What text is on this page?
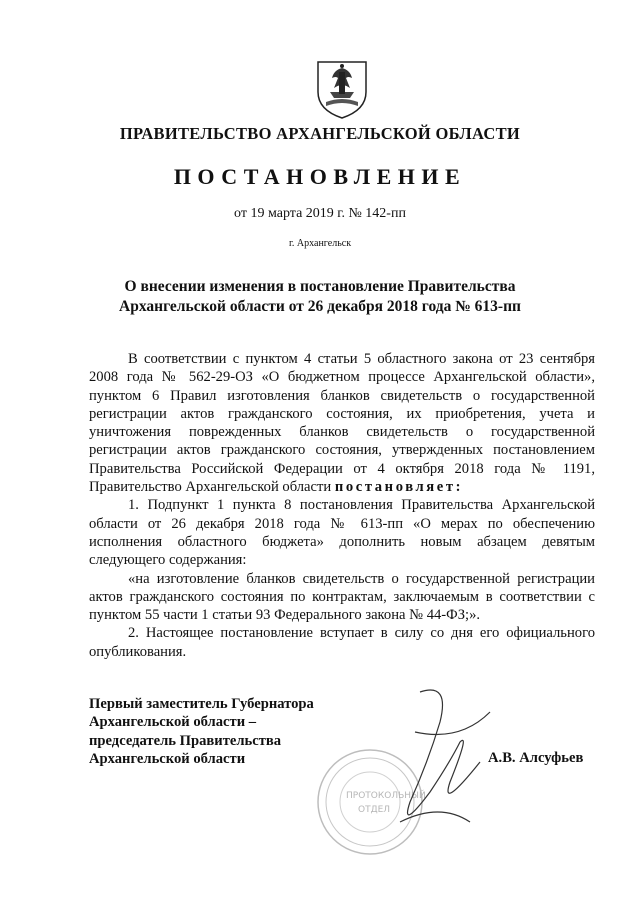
ПРАВИТЕЛЬСТВО АРХАНГЕЛЬСКОЙ ОБЛАСТИ
ПОСТАНОВЛЕНИЕ
от 19 марта 2019 г. № 142-пп
г. Архангельск
О внесении изменения в постановление Правительства
Архангельской области от 26 декабря 2018 года № 613-пп

В соответствии с пунктом 4 статьи 5 областного закона от 23 сентября 2008 года № 562-29-ОЗ «О бюджетном процессе Архангельской области», пунктом 6 Правил изготовления бланков свидетельств о государственной регистрации актов гражданского состояния, их приобретения, учета и уничтожения поврежденных бланков свидетельств о государственной регистрации актов гражданского состояния, утвержденных постановлением Правительства Российской Федерации от 4 октября 2018 года № 1191, Правительство Архангельской области постановляет:

1. Подпункт 1 пункта 8 постановления Правительства Архангельской области от 26 декабря 2018 года № 613-пп «О мерах по обеспечению исполнения областного бюджета» дополнить новым абзацем девятым следующего содержания:

«на изготовление бланков свидетельств о государственной регистрации актов гражданского состояния по контрактам, заключаемым в соответствии с пунктом 55 части 1 статьи 93 Федерального закона № 44-ФЗ;».

2. Настоящее постановление вступает в силу со дня его официального опубликования.

ПРОТОКОЛЬНЫЙ
ОТДЕЛ
Первый заместитель Губернатора
Архангельской области –
председатель Правительства
Архангельской области	А.В. Алсуфьев
